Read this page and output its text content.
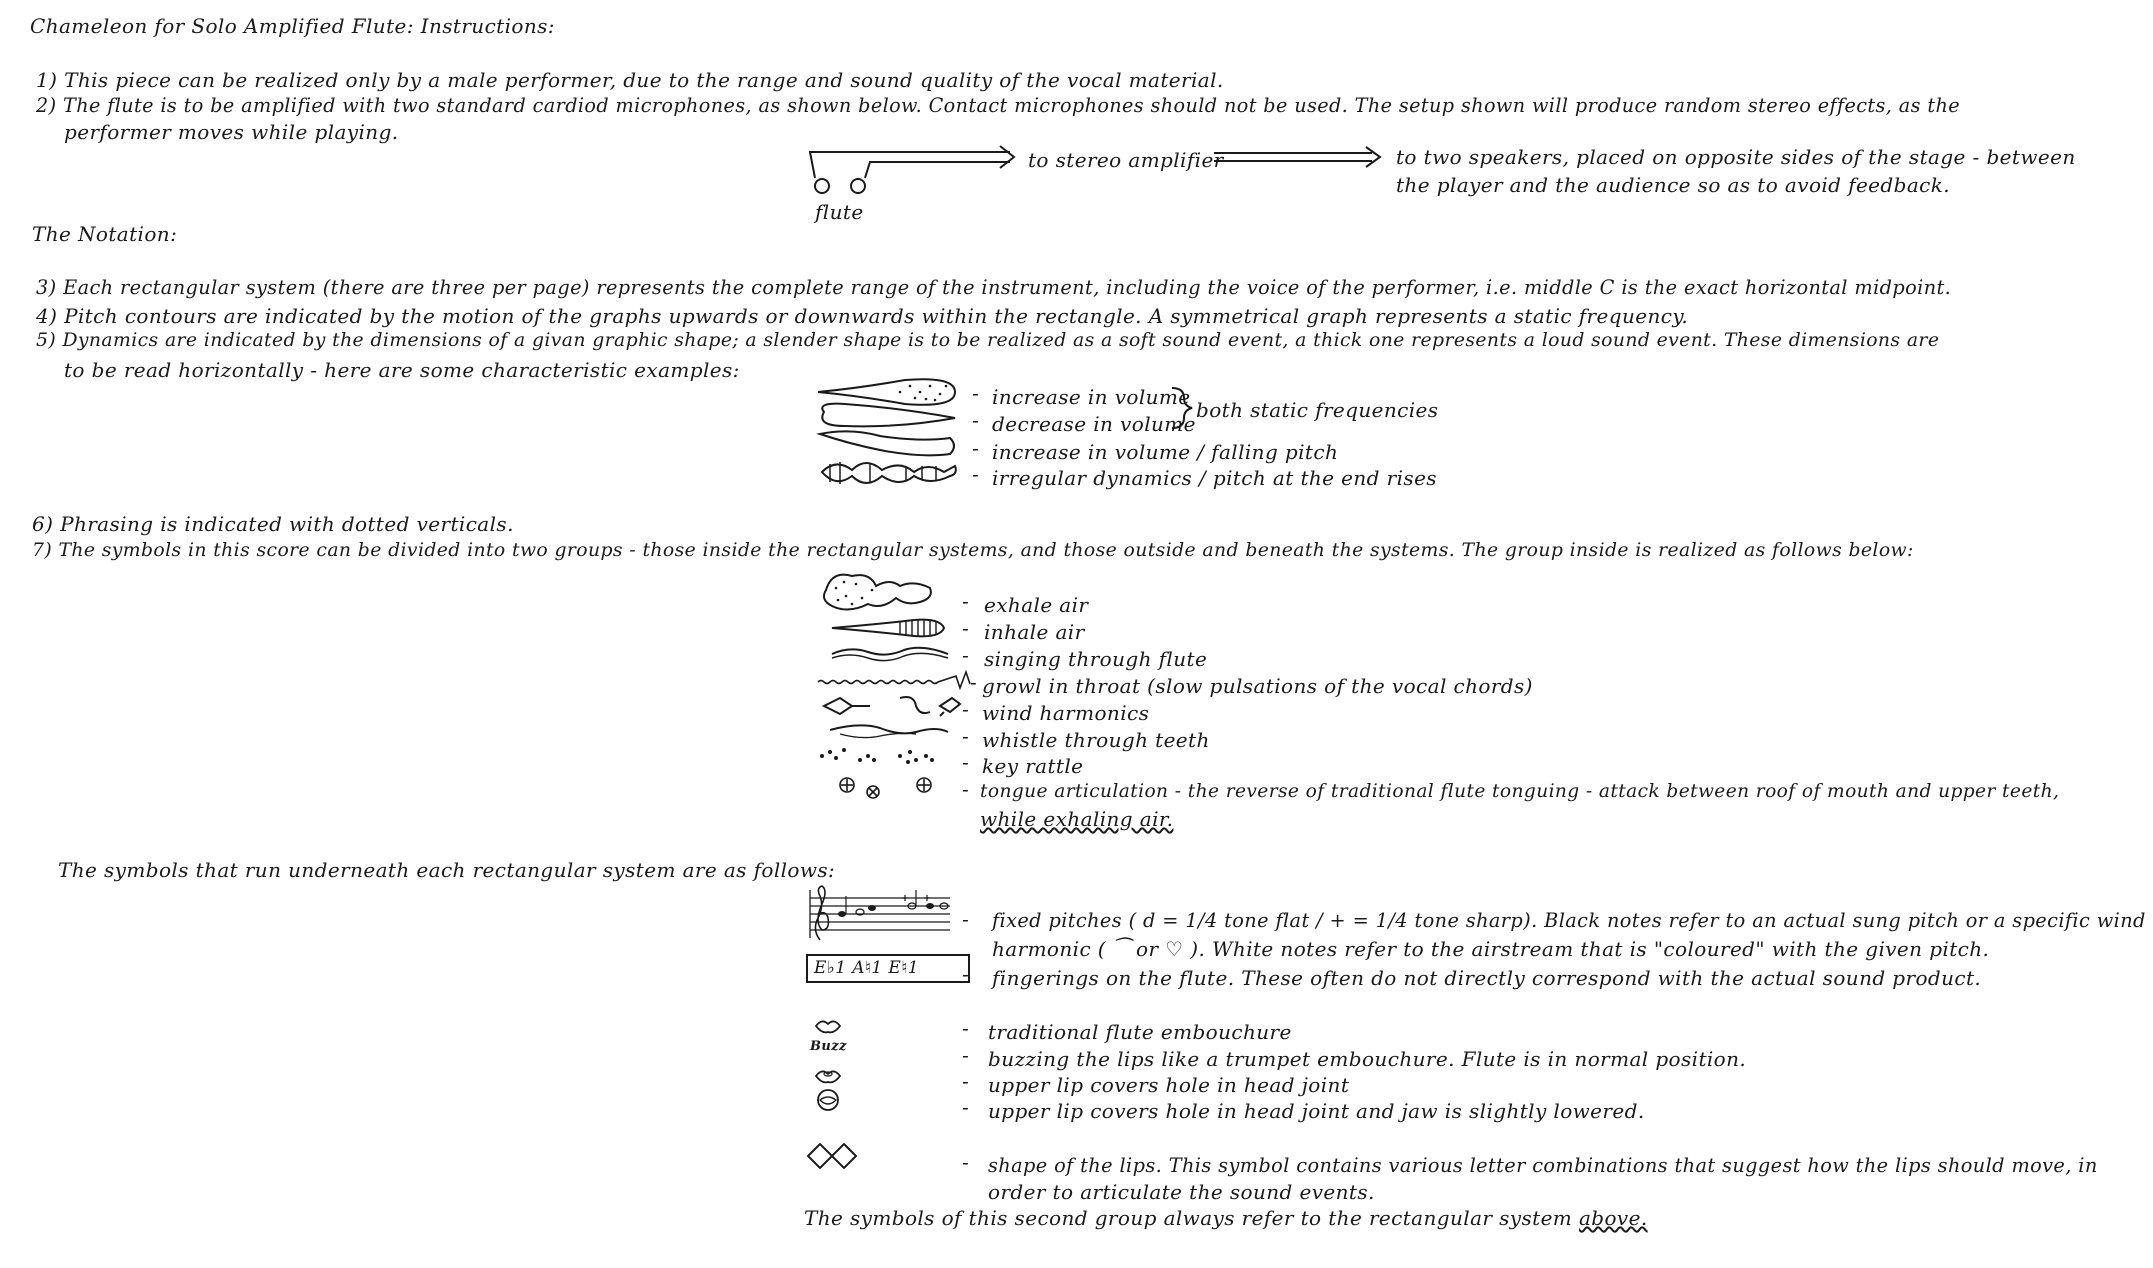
Chameleon for Solo Amplified Flute: Instructions:
1) This piece can be realized only by a male performer, due to the range and sound quality of the vocal material.
2) The flute is to be amplified with two standard cardiod microphones, as shown below. Contact microphones should not be used. The setup shown will produce random stereo effects, as the
performer moves while playing.
flute
to stereo amplifier	to two speakers, placed on opposite sides of the stage - between
the player and the audience so as to avoid feedback.
The Notation:
3) Each rectangular system (there are three per page) represents the complete range of the instrument, including the voice of the performer, i.e. middle C is the exact horizontal midpoint.
4) Pitch contours are indicated by the motion of the graphs upwards or downwards within the rectangle. A symmetrical graph represents a static frequency.
5) Dynamics are indicated by the dimensions of a givan graphic shape; a slender shape is to be realized as a soft sound event, a thick one represents a loud sound event. These dimensions are
to be read horizontally - here are some characteristic examples:
- increase in volume
- decrease in volume
both static frequencies
- increase in volume / falling pitch
- irregular dynamics / pitch at the end rises
6) Phrasing is indicated with dotted verticals.
7) The symbols in this score can be divided into two groups - those inside the rectangular systems, and those outside and beneath the systems. The group inside is realized as follows below:
- exhale air
- inhale air
- singing through flute
- growl in throat (slow pulsations of the vocal chords)
- wind harmonics
- whistle through teeth
- key rattle
- tongue articulation - the reverse of traditional flute tonguing - attack between roof of mouth and upper teeth,
while exhaling air.
The symbols that run underneath each rectangular system are as follows:
- fixed pitches ( d = 1/4 tone flat / + = 1/4 tone sharp). Black notes refer to an actual sung pitch or a specific wind
harmonic ( ⁀ or ♡ ). White notes refer to the airstream that is "coloured" with the given pitch.
E♭1 A♮1 E♮1	- fingerings on the flute. These often do not directly correspond with the actual sound product.
Buzz
- traditional flute embouchure
- buzzing the lips like a trumpet embouchure. Flute is in normal position.
- upper lip covers hole in head joint
- upper lip covers hole in head joint and jaw is slightly lowered.
- shape of the lips. This symbol contains various letter combinations that suggest how the lips should move, in
order to articulate the sound events.
The symbols of this second group always refer to the rectangular system above.
